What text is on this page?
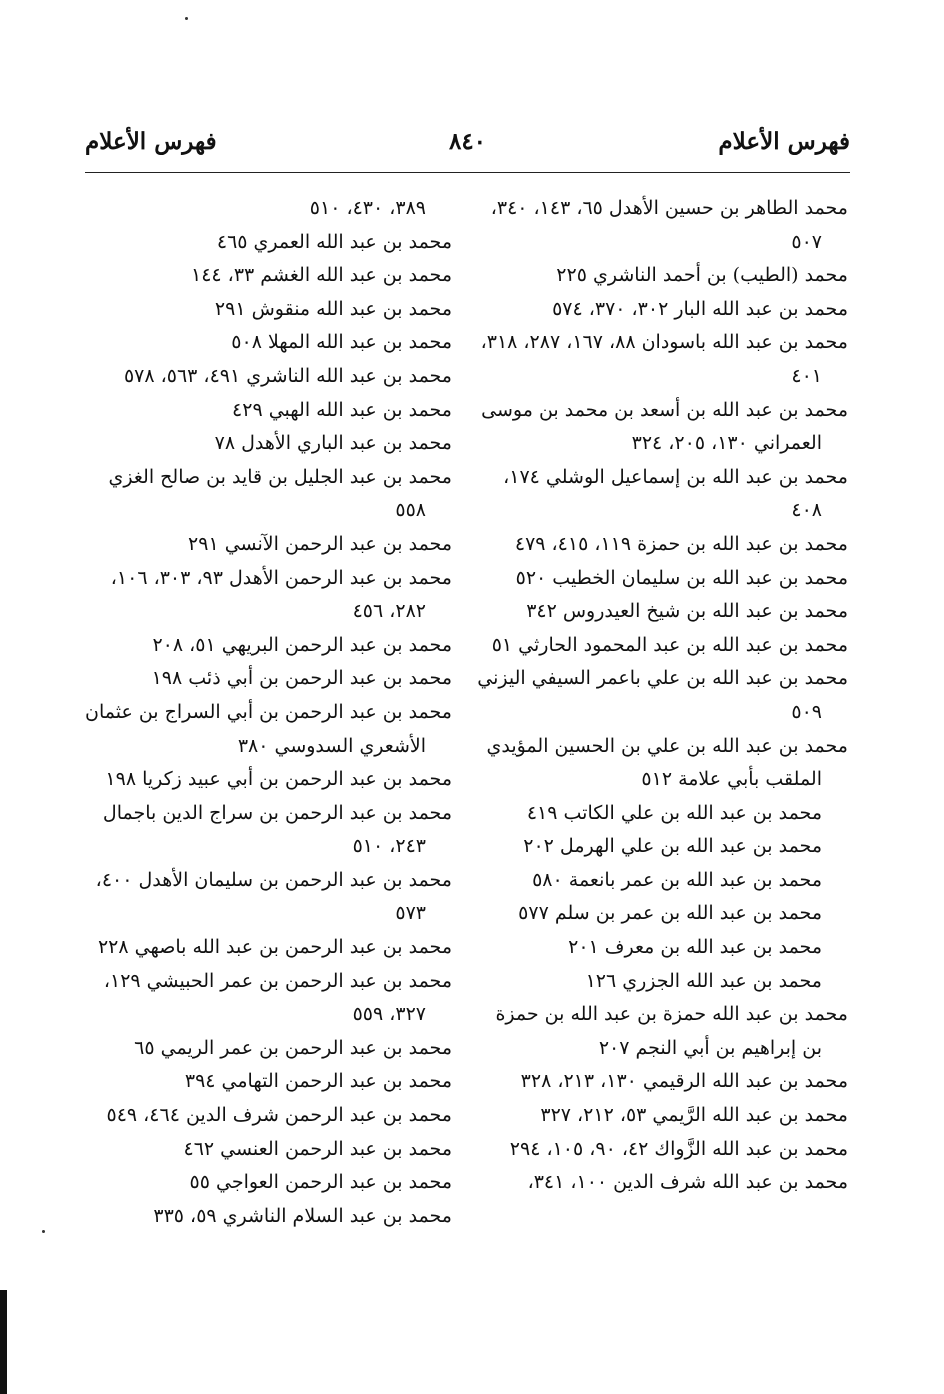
فهرس الأعلام
٨٤٠
فهرس الأعلام

محمد الطاهر بن حسين الأهدل ٦٥، ١٤٣، ٣٤٠، ٥٠٧

محمد (الطيب) بن أحمد الناشري ٢٢٥

محمد بن عبد الله البار ٣٠٢، ٣٧٠، ٥٧٤

محمد بن عبد الله باسودان ٨٨، ١٦٧، ٢٨٧، ٣١٨، ٤٠١

محمد بن عبد الله بن أسعد بن محمد بن موسى العمراني ١٣٠، ٢٠٥، ٣٢٤

محمد بن عبد الله بن إسماعيل الوشلي ١٧٤، ٤٠٨

محمد بن عبد الله بن حمزة ١١٩، ٤١٥، ٤٧٩

محمد بن عبد الله بن سليمان الخطيب ٥٢٠

محمد بن عبد الله بن شيخ العيدروس ٣٤٢

محمد بن عبد الله بن عبد المحمود الحارثي ٥١

محمد بن عبد الله بن علي باعمر السيفي اليزني ٥٠٩

محمد بن عبد الله بن علي بن الحسين المؤيدي الملقب بأبي علامة ٥١٢

محمد بن عبد الله بن علي الكاتب ٤١٩

محمد بن عبد الله بن علي الهرمل ٢٠٢

محمد بن عبد الله بن عمر بانعمة ٥٨٠

محمد بن عبد الله بن عمر بن سلم ٥٧٧

محمد بن عبد الله بن معرف ٢٠١

محمد بن عبد الله الجزري ١٢٦

محمد بن عبد الله حمزة بن عبد الله بن حمزة بن إبراهيم بن أبي النجم ٢٠٧

محمد بن عبد الله الرقيمي ١٣٠، ٢١٣، ٣٢٨

محمد بن عبد الله الرَّيمي ٥٣، ٢١٢، ٣٢٧

محمد بن عبد الله الزَّواك ٤٢، ٩٠، ١٠٥، ٢٩٤

محمد بن عبد الله شرف الدين ١٠٠، ٣٤١،

٣٨٩، ٤٣٠، ٥١٠

محمد بن عبد الله العمري ٤٦٥

محمد بن عبد الله الغشم ٣٣، ١٤٤

محمد بن عبد الله منقوش ٢٩١

محمد بن عبد الله المهلا ٥٠٨

محمد بن عبد الله الناشري ٤٩١، ٥٦٣، ٥٧٨

محمد بن عبد الله الهبي ٤٢٩

محمد بن عبد الباري الأهدل ٧٨

محمد بن عبد الجليل بن قايد بن صالح الغزي ٥٥٨

محمد بن عبد الرحمن الآنسي ٢٩١

محمد بن عبد الرحمن الأهدل ٩٣، ٣٠٣، ١٠٦، ٢٨٢، ٤٥٦

محمد بن عبد الرحمن البريهي ٥١، ٢٠٨

محمد بن عبد الرحمن بن أبي ذئب ١٩٨

محمد بن عبد الرحمن بن أبي السراج بن عثمان الأشعري السدوسي ٣٨٠

محمد بن عبد الرحمن بن أبي عبيد زكريا ١٩٨

محمد بن عبد الرحمن بن سراج الدين باجمال ٢٤٣، ٥١٠

محمد بن عبد الرحمن بن سليمان الأهدل ٤٠٠، ٥٧٣

محمد بن عبد الرحمن بن عبد الله باصهي ٢٢٨

محمد بن عبد الرحمن بن عمر الحبيشي ١٢٩، ٣٢٧، ٥٥٩

محمد بن عبد الرحمن بن عمر الريمي ٦٥

محمد بن عبد الرحمن التهامي ٣٩٤

محمد بن عبد الرحمن شرف الدين ٤٦٤، ٥٤٩

محمد بن عبد الرحمن العنسي ٤٦٢

محمد بن عبد الرحمن العواجي ٥٥

محمد بن عبد السلام الناشري ٥٩، ٣٣٥
